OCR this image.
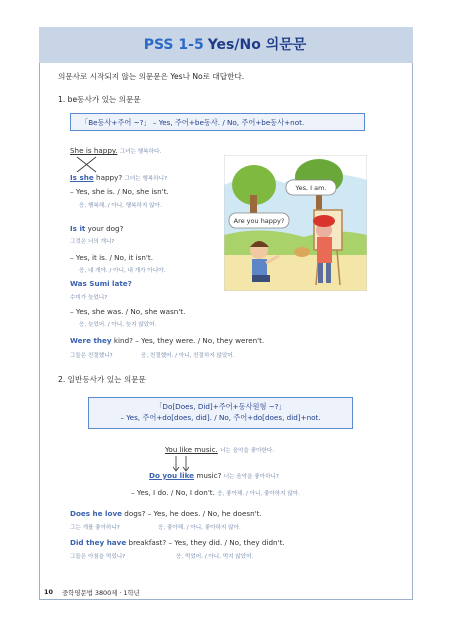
PSS 1-5 Yes/No 의문문
의문사로 시작되지 않는 의문문은 Yes나 No로 대답한다.
1. be동사가 있는 의문문
「Be동사+주어 ~?」 – Yes, 주어+be동사. / No, 주어+be동사+not.
She is happy. 그녀는 행복하다.
Is she happy? 그녀는 행복하니?
– Yes, she is. / No, she isn't.
응, 행복해. / 아니, 행복하지 않아.
Is it your dog?
그것은 너의 개니?
– Yes, it is. / No, it isn't.
응, 내 개야. / 아니, 내 개가 아니야.
Was Sumi late?
수미가 늦었니?
– Yes, she was. / No, she wasn't.
응, 늦었어. / 아니, 늦지 않았어.
Were they kind? – Yes, they were. / No, they weren't.
그들은 친절했니?	응, 친절했어. / 아니, 친절하지 않았어.
Yes, I am.
Are you happy?
2. 일반동사가 있는 의문문
「Do[Does, Did]+주어+동사원형 ~?」
– Yes, 주어+do[does, did]. / No, 주어+do[does, did]+not.
You like music. 너는 음악을 좋아한다.
Do you like music? 너는 음악을 좋아하니?
– Yes, I do. / No, I don't. 응, 좋아해. / 아니, 좋아하지 않아.
Does he love dogs? – Yes, he does. / No, he doesn't.
그는 개를 좋아하니?	응, 좋아해. / 아니, 좋아하지 않아.
Did they have breakfast? – Yes, they did. / No, they didn't.
그들은 아침을 먹었니?	응, 먹었어. / 아니, 먹지 않았어.
10 중학영문법 3800제 · 1학년
